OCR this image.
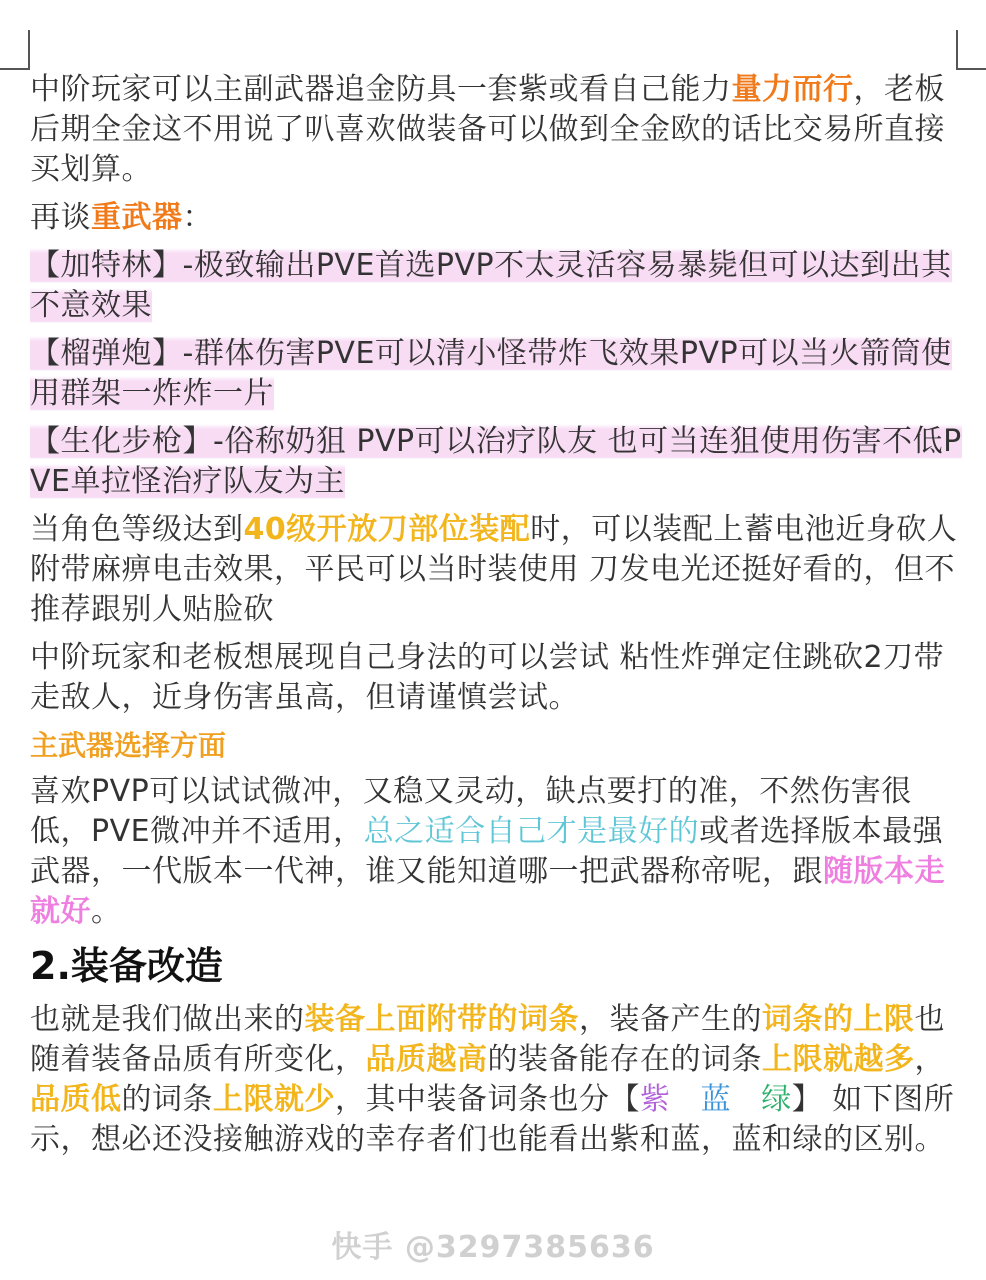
中阶玩家可以主副武器追金防具一套紫或看自己能力量力而行，老板后期全金这不用说了叭喜欢做装备可以做到全金欧的话比交易所直接买划算。

再谈重武器：

【加特林】-极致输出PVE首选PVP不太灵活容易暴毙但可以达到出其不意效果

【榴弹炮】-群体伤害PVE可以清小怪带炸飞效果PVP可以当火箭筒使用群架一炸炸一片

【生化步枪】-俗称奶狙 PVP可以治疗队友 也可当连狙使用伤害不低PVE单拉怪治疗队友为主

当角色等级达到40级开放刀部位装配时，可以装配上蓄电池近身砍人附带麻痹电击效果，平民可以当时装使用 刀发电光还挺好看的，但不推荐跟别人贴脸砍

中阶玩家和老板想展现自己身法的可以尝试 粘性炸弹定住跳砍2刀带走敌人，近身伤害虽高，但请谨慎尝试。

主武器选择方面

喜欢PVP可以试试微冲，又稳又灵动，缺点要打的准，不然伤害很低，PVE微冲并不适用，总之适合自己才是最好的或者选择版本最强武器，一代版本一代神，谁又能知道哪一把武器称帝呢，跟随版本走就好。

2.装备改造

也就是我们做出来的装备上面附带的词条，装备产生的词条的上限也随着装备品质有所变化，品质越高的装备能存在的词条上限就越多，品质低的词条上限就少，其中装备词条也分【紫 蓝 绿】 如下图所示，想必还没接触游戏的幸存者们也能看出紫和蓝，蓝和绿的区别。

快手 @3297385636
